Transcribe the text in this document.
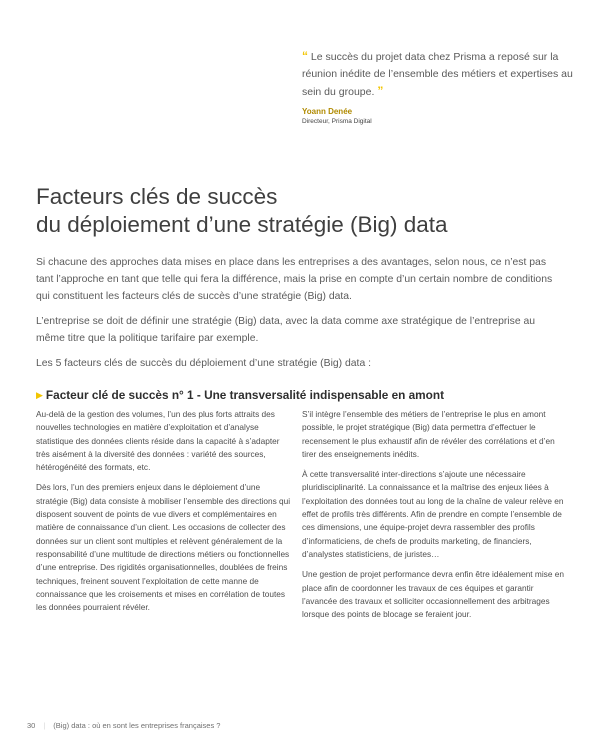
“ Le succès du projet data chez Prisma a reposé sur la réunion inédite de l’ensemble des métiers et expertises au sein du groupe. ”

Yoann Denée
Directeur, Prisma Digital
Facteurs clés de succès
du déploiement d’une stratégie (Big) data

Si chacune des approches data mises en place dans les entreprises a des avantages, selon nous, ce n’est pas tant l’approche en tant que telle qui fera la différence, mais la prise en compte d’un certain nombre de conditions qui constituent les facteurs clés de succès d’une stratégie (Big) data.

L’entreprise se doit de définir une stratégie (Big) data, avec la data comme axe stratégique de l’entreprise au même titre que la politique tarifaire par exemple.

Les 5 facteurs clés de succès du déploiement d’une stratégie (Big) data :

▶ Facteur clé de succès n° 1 - Une transversalité indispensable en amont

Au-delà de la gestion des volumes, l’un des plus forts attraits des nouvelles technologies en matière d’exploitation et d’analyse statistique des données clients réside dans la capacité à s’adapter très aisément à la diversité des données : variété des sources, hétérogénéité des formats, etc.

Dès lors, l’un des premiers enjeux dans le déploiement d’une stratégie (Big) data consiste à mobiliser l’ensemble des directions qui disposent souvent de points de vue divers et complémentaires en matière de connaissance d’un client. Les occasions de collecter des données sur un client sont multiples et relèvent généralement de la responsabilité d’une multitude de directions métiers ou fonctionnelles d’une entreprise. Des rigidités organisationnelles, doublées de freins techniques, freinent souvent l’exploitation de cette manne de connaissance que les croisements et mises en corrélation de toutes les données pourraient révéler.

S’il intègre l’ensemble des métiers de l’entreprise le plus en amont possible, le projet stratégique (Big) data permettra d’effectuer le recensement le plus exhaustif afin de révéler des corrélations et d’en tirer des enseignements inédits.

À cette transversalité inter-directions s’ajoute une nécessaire pluridisciplinarité. La connaissance et la maîtrise des enjeux liées à l’exploitation des données tout au long de la chaîne de valeur relève en effet de profils très différents. Afin de prendre en compte l’ensemble de ces dimensions, une équipe-projet devra rassembler des profils d’informaticiens, de chefs de produits marketing, de financiers, d’analystes statisticiens, de juristes…

Une gestion de projet performance devra enfin être idéalement mise en place afin de coordonner les travaux de ces équipes et garantir l’avancée des travaux et solliciter occasionnellement des arbitrages lorsque des points de blocage se feraient jour.

30 | (Big) data : où en sont les entreprises françaises ?
